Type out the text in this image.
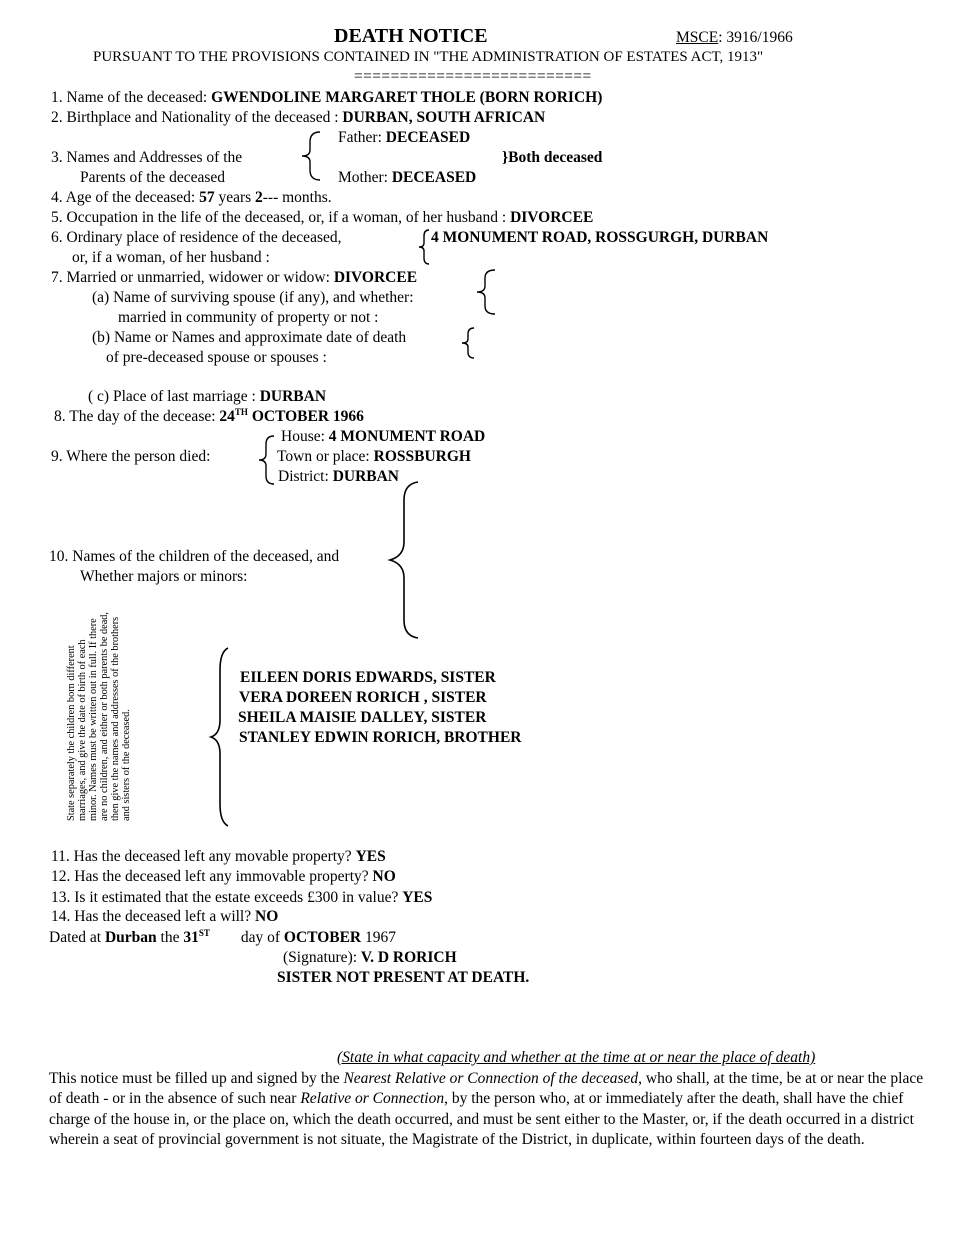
DEATH NOTICE	MSCE: 3916/1966
PURSUANT TO THE PROVISIONS CONTAINED IN "THE ADMINISTRATION OF ESTATES ACT, 1913"
==========================
1. Name of the deceased: GWENDOLINE MARGARET THOLE (BORN RORICH)
2. Birthplace and Nationality of the deceased : DURBAN, SOUTH AFRICAN
Father: DECEASED
3. Names and Addresses of the	}Both deceased
Parents of the deceased	Mother: DECEASED
4. Age of the deceased: 57 years 2--- months.
5. Occupation in the life of the deceased, or, if a woman, of her husband : DIVORCEE
6. Ordinary place of residence of the deceased,
or, if a woman, of her husband :
4 MONUMENT ROAD, ROSSGURGH, DURBAN
7. Married or unmarried, widower or widow: DIVORCEE
(a) Name of surviving spouse (if any), and whether:
married in community of property or not :
(b) Name or Names and approximate date of death
of pre-deceased spouse or spouses :
( c) Place of last marriage : DURBAN
8. The day of the decease: 24TH OCTOBER 1966
House: 4 MONUMENT ROAD
9. Where the person died:	Town or place: ROSSBURGH
District: DURBAN
10. Names of the children of the deceased, and
Whether majors or minors:
State separately the children born different marriages, and give the date of birth of each minor. Names must be written out in full. If there are no children, and either or both parents be dead, then give the names and addresses of the brothers and sisters of the deceased.
EILEEN DORIS EDWARDS, SISTER
VERA DOREEN RORICH , SISTER
SHEILA MAISIE DALLEY, SISTER
STANLEY EDWIN RORICH, BROTHER
11. Has the deceased left any movable property? YES
12. Has the deceased left any immovable property? NO
13. Is it estimated that the estate exceeds £300 in value? YES
14. Has the deceased left a will? NO
Dated at Durban the 31ST day of OCTOBER 1967
(Signature): V. D RORICH
SISTER NOT PRESENT AT DEATH.
(State in what capacity and whether at the time at or near the place of death)
This notice must be filled up and signed by the Nearest Relative or Connection of the deceased, who shall, at the time, be at or near the place of death - or in the absence of such near Relative or Connection, by the person who, at or immediately after the death, shall have the chief charge of the house in, or the place on, which the death occurred, and must be sent either to the Master, or, if the death occurred in a district wherein a seat of provincial government is not situate, the Magistrate of the District, in duplicate, within fourteen days of the death.
